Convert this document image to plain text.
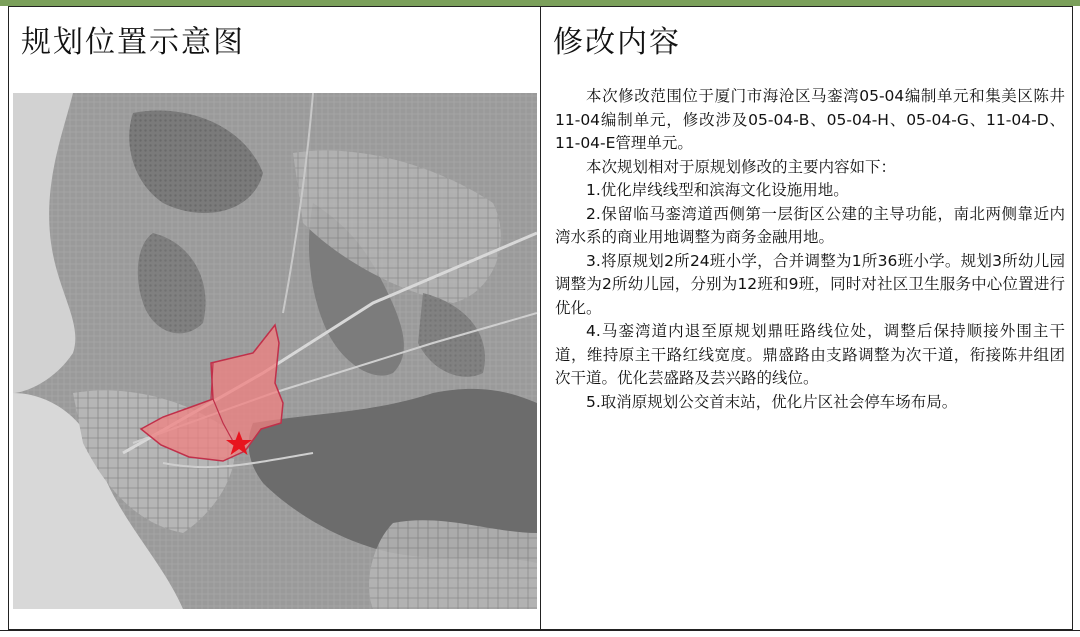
规划位置示意图	修改内容

本次修改范围位于厦门市海沧区马銮湾05-04编制单元和集美区陈井11-04编制单元，修改涉及05-04-B、05-04-H、05-04-G、11-04-D、11-04-E管理单元。

本次规划相对于原规划修改的主要内容如下：

1.优化岸线线型和滨海文化设施用地。

2.保留临马銮湾道西侧第一层街区公建的主导功能，南北两侧靠近内湾水系的商业用地调整为商务金融用地。

3.将原规划2所24班小学，合并调整为1所36班小学。规划3所幼儿园调整为2所幼儿园，分别为12班和9班，同时对社区卫生服务中心位置进行优化。

4.马銮湾道内退至原规划鼎旺路线位处，调整后保持顺接外围主干道，维持原主干路红线宽度。鼎盛路由支路调整为次干道，衔接陈井组团次干道。优化芸盛路及芸兴路的线位。

5.取消原规划公交首末站，优化片区社会停车场布局。
